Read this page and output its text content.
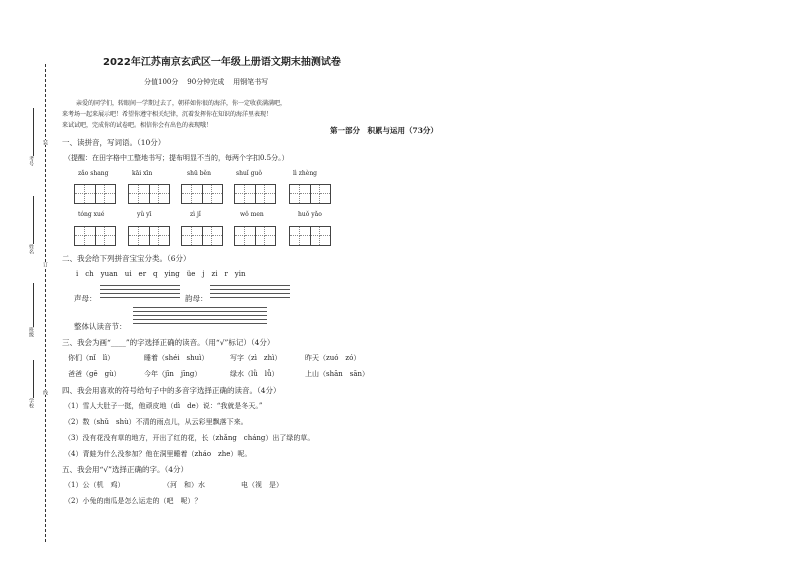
考号
姓名
班级
学校
装
订
线
2022年江苏南京玄武区一年级上册语文期末抽测试卷
分值100分 90分钟完成 用钢笔书写
亲爱的同学们，转眼间一学期过去了，朝祥如你很的海洋，你一定收获满满吧，
来考场一起来展示吧！希望你遵守相关纪律，沉着发挥你在知识的海洋里表现！
来试试吧，完成你的试卷吧。相信你会有出色的表现哦！
第一部分　积累与运用（73分）
一、读拼音，写词语。（10分）
（提醒：在田字格中工整地书写；提布明显不当的，每两个字扣0.5分。）
zǎo shang	kāi xīn	shū běn	shuǐ guǒ	lì zhèng
tóng xué	yǔ yī	zì jǐ	wǒ men	huǒ yǎo
二、我会给下列拼音宝宝分类。（6分）
i　ch　yuan　ui　er　q　ying　üe　j　zi　r　yin
声母：	韵母：
整体认读音节：
三、我会为画“____”的字选择正确的读音。（用“√”标记）（4分）
你们（nǐ　lì）	睡着（shéi　shuì）	写字（zì　zhì）	昨天（zuó　zó）
爸爸（gē　gù）	今年（jīn　jīng）	绿水（lǜ　lǚ）	上山（shān　sān）
四、我会用喜欢的符号给句子中的多音字选择正确的读音。（4分）
（1）雪人大肚子一挺，他顽皮地（dì　de）说：“我就是冬天。”
（2）数（shǔ　shù）不清的雨点儿，从云彩里飘落下来。
（3）没有花没有草的地方，开出了红的花，长（zhǎng　cháng）出了绿的草。
（4）青蛙为什么没参加？他在洞里睡着（zháo　zhe）呢。
五、我会用“√”选择正确的字。（4分）
（1）公（机　鸡）	（河　和）水	电（视　是）
（2）小兔的南瓜是怎么运走的（吧　呢）？
